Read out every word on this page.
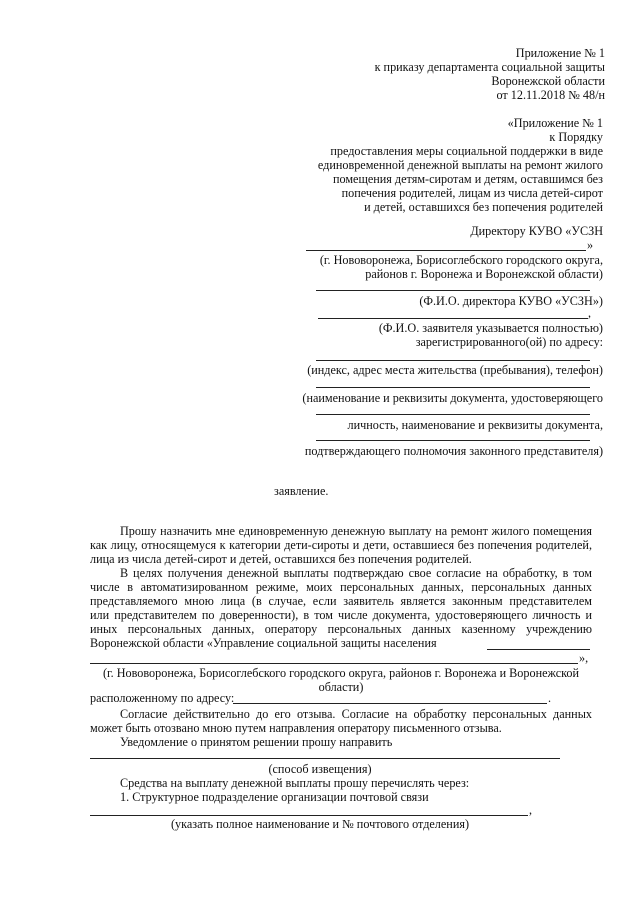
Приложение № 1
к приказу департамента социальной защиты
Воронежской области
от 12.11.2018 № 48/н
«Приложение № 1
к Порядку
предоставления меры социальной поддержки в виде
единовременной денежной выплаты на ремонт жилого
помещения детям-сиротам и детям, оставшимся без
попечения родителей, лицам из числа детей-сирот
и детей, оставшихся без попечения родителей
Директору КУВО «УСЗН
»
(г. Нововоронежа, Борисоглебского городского округа,
районов г. Воронежа и Воронежской области)
(Ф.И.О. директора КУВО «УСЗН»)
,
(Ф.И.О. заявителя указывается полностью)
зарегистрированного(ой) по адресу:
(индекс, адрес места жительства (пребывания), телефон)
(наименование и реквизиты документа, удостоверяющего
личность, наименование и реквизиты документа,
подтверждающего полномочия законного представителя)
заявление.
Прошу назначить мне единовременную денежную выплату на ремонт жилого помещения
как лицу, относящемуся к категории дети-сироты и дети, оставшиеся без попечения родителей,
лица из числа детей-сирот и детей, оставшихся без попечения родителей.
В целях получения денежной выплаты подтверждаю свое согласие на обработку, в том
числе в автоматизированном режиме, моих персональных данных, персональных данных
представляемого мною лица (в случае, если заявитель является законным представителем
или представителем по доверенности), в том числе документа, удостоверяющего личность и
иных персональных данных, оператору персональных данных казенному учреждению
Воронежской области «Управление социальной защиты населения
»,
(г. Нововоронежа, Борисоглебского городского округа, районов г. Воронежа и Воронежской
области)
расположенному по адресу:	.
Согласие действительно до его отзыва. Согласие на обработку персональных данных
может быть отозвано мною путем направления оператору письменного отзыва.
Уведомление о принятом решении прошу направить
(способ извещения)
Средства на выплату денежной выплаты прошу перечислять через:
1. Структурное подразделение организации почтовой связи
,
(указать полное наименование и № почтового отделения)
